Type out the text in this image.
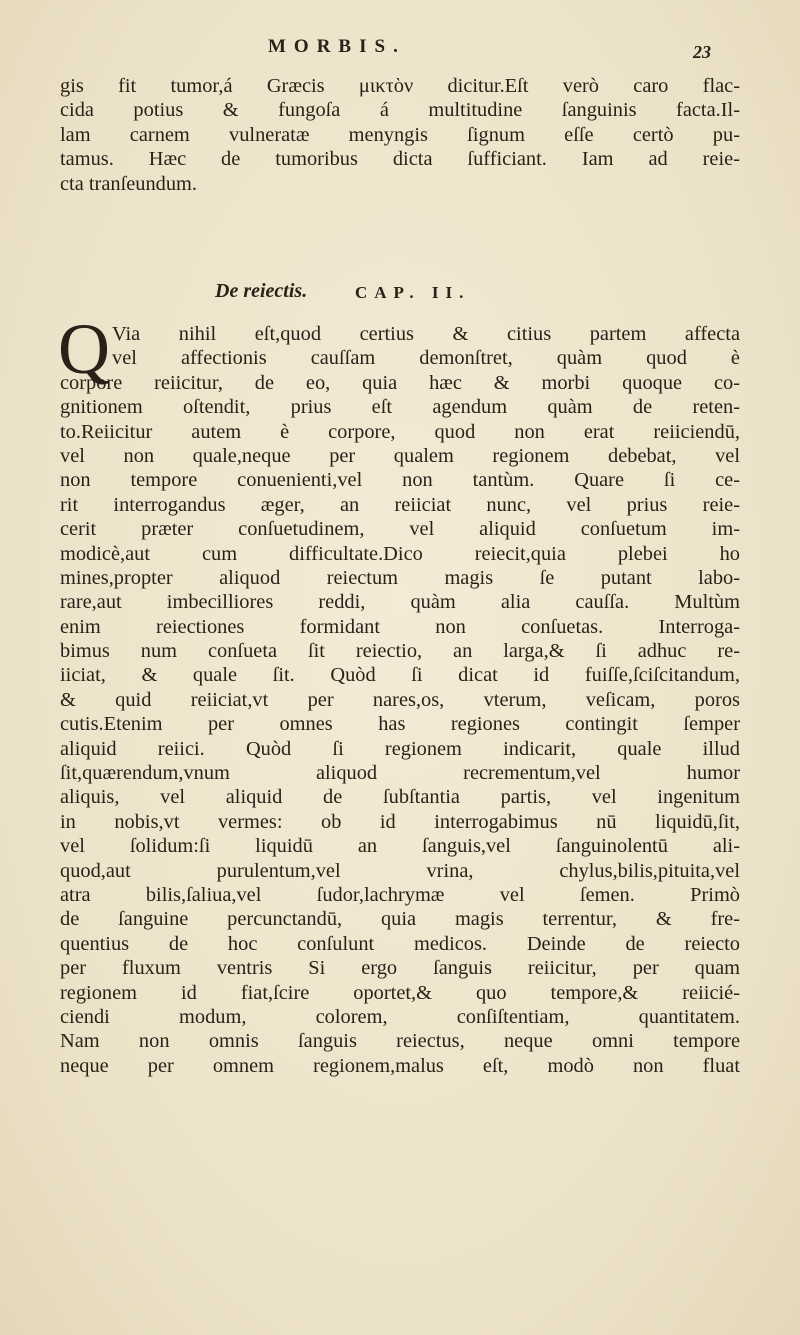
MORBIS.	23
gis fit tumor,á Græcis μικτὸν dicitur.Eſt verò caro flac-
cida potius & fungoſa á multitudine ſanguinis facta.Il-
lam carnem vulneratæ menyngis ſignum eſſe certò pu-
tamus. Hæc de tumoribus dicta ſufficiant. Iam ad reie-
cta tranſeundum.
De reiectis.	CAP. II.
Q Via nihil eſt,quod certius & citius partem affecta
vel affectionis cauſſam demonſtret, quàm quod è
corpore reiicitur, de eo, quia hæc & morbi quoque co-
gnitionem oſtendit, prius eſt agendum quàm de reten-
to.Reiicitur autem è corpore, quod non erat reiiciendū,
vel non quale,neque per qualem regionem debebat, vel
non tempore conuenienti,vel non tantùm. Quare ſi ce-
rit interrogandus æger, an reiiciat nunc, vel prius reie-
cerit præter conſuetudinem, vel aliquid conſuetum im-
modicè,aut cum difficultate.Dico reiecit,quia plebei ho
mines,propter aliquod reiectum magis ſe putant labo-
rare,aut imbecilliores reddi, quàm alia cauſſa. Multùm
enim reiectiones formidant non conſuetas. Interroga-
bimus num conſueta ſit reiectio, an larga,& ſi adhuc re-
iiciat, & quale ſit. Quòd ſi dicat id fuiſſe,ſciſcitandum,
& quid reiiciat,vt per nares,os, vterum, veſicam, poros
cutis.Etenim per omnes has regiones contingit ſemper
aliquid reiici. Quòd ſi regionem indicarit, quale illud
ſit,quærendum,vnum aliquod recrementum,vel humor
aliquis, vel aliquid de ſubſtantia partis, vel ingenitum
in nobis,vt vermes: ob id interrogabimus nū liquidū,ſit,
vel ſolidum:ſi liquidū an ſanguis,vel ſanguinolentū ali-
quod,aut purulentum,vel vrina, chylus,bilis,pituita,vel
atra bilis,ſaliua,vel ſudor,lachrymæ vel ſemen. Primò
de ſanguine percunctandū, quia magis terrentur, & fre-
quentius de hoc conſulunt medicos. Deinde de reiecto
per fluxum ventris Si ergo ſanguis reiicitur, per quam
regionem id fiat,ſcire oportet,& quo tempore,& reiicié-
ciendi modum, colorem, conſiſtentiam, quantitatem.
Nam non omnis ſanguis reiectus, neque omni tempore
neque per omnem regionem,malus eſt, modò non fluat
